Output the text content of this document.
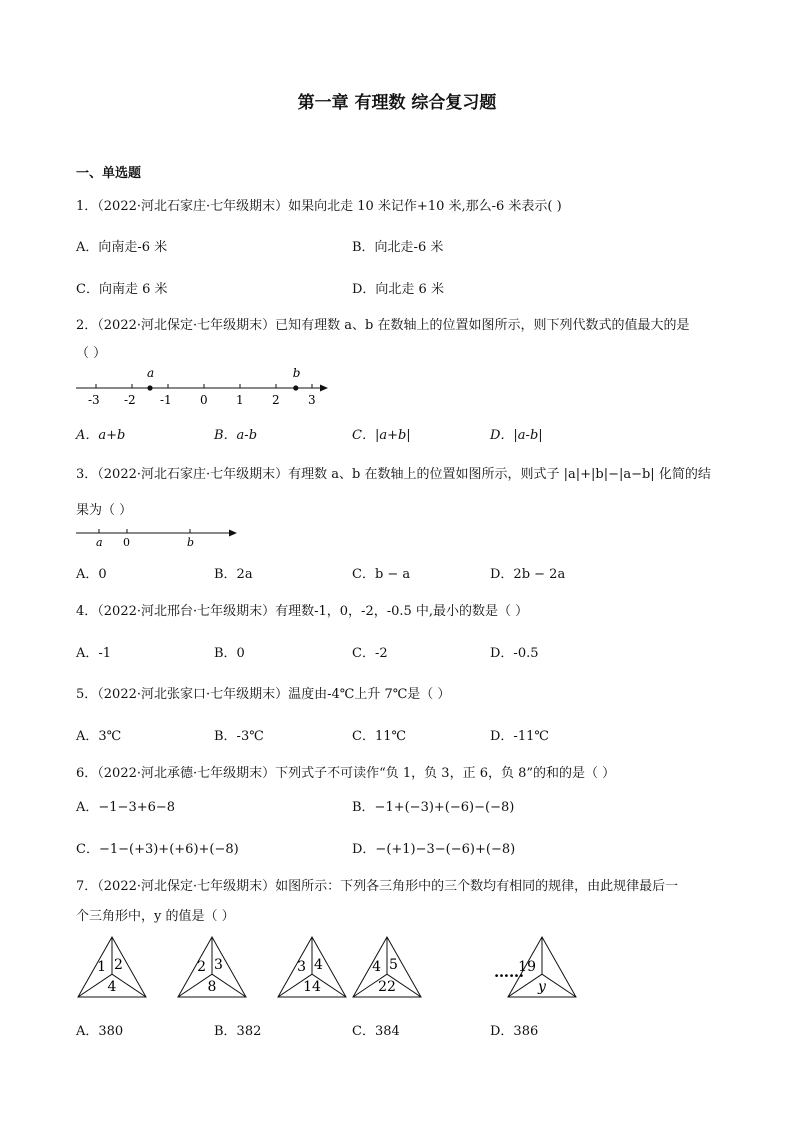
第一章 有理数 综合复习题
一、单选题
1．（2022·河北石家庄·七年级期末）如果向北走 10 米记作+10 米,那么-6 米表示( )
A．向南走-6 米	B．向北走-6 米
C．向南走 6 米	D．向北走 6 米
2．（2022·河北保定·七年级期末）已知有理数 a、b 在数轴上的位置如图所示，则下列代数式的值最大的是
（ ）
-3 -2 -1 0 1 2 3
a	b
A．a+b	B．a-b	C．|a+b|	D．|a-b|
3．（2022·河北石家庄·七年级期末）有理数 a、b 在数轴上的位置如图所示，则式子 |a|+|b|−|a−b| 化简的结
果为（ ）
a 0	b
A．0	B．2a	C．b − a	D．2b − 2a
4．（2022·河北邢台·七年级期末）有理数-1，0，-2，-0.5 中,最小的数是（ ）
A．-1	B．0	C．-2	D．-0.5
5．（2022·河北张家口·七年级期末）温度由-4℃上升 7℃是（ ）
A．3℃	B．-3℃	C．11℃	D．-11℃
6．（2022·河北承德·七年级期末）下列式子不可读作“负 1，负 3，正 6，负 8”的和的是（ ）
A．−1−3+6−8	B．−1+(−3)+(−6)−(−8)
C．−1−(+3)+(+6)+(−8)	D．−(+1)−3−(−6)+(−8)
7．（2022·河北保定·七年级期末）如图所示：下列各三角形中的三个数均有相同的规律，由此规律最后一
个三角形中，y 的值是（ ）
1 2
4
2 3
8
3 4
14
4 5
22
19
y
……
A．380	B．382	C．384	D．386
